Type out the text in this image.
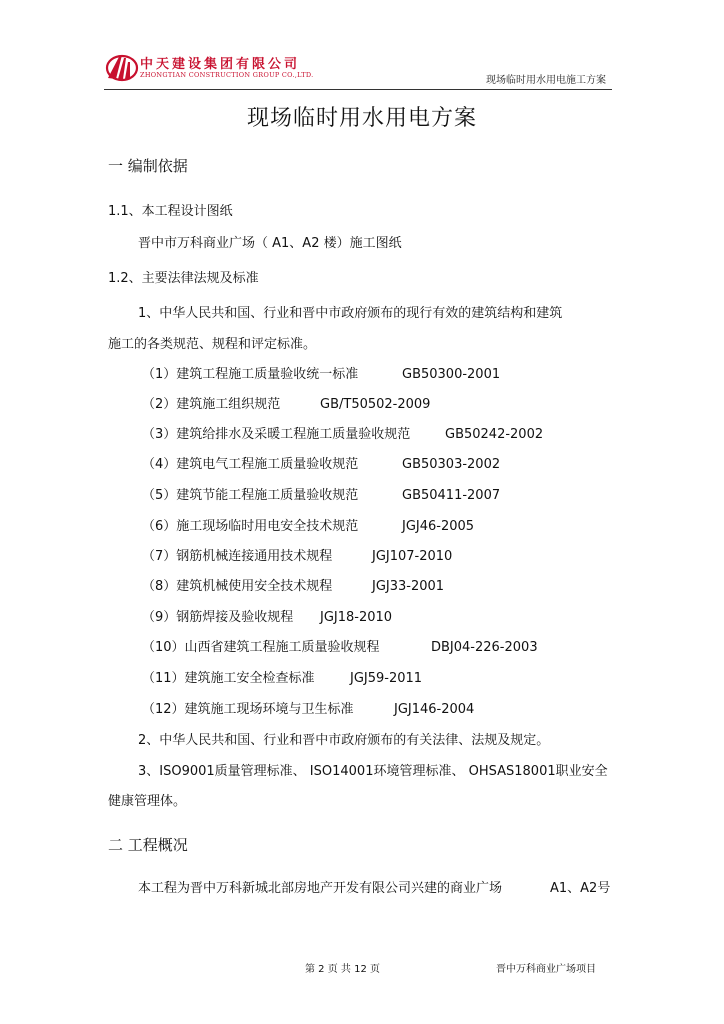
中天建设集团有限公司
ZHONGTIAN CONSTRUCTION GROUP CO.,LTD.	现场临时用水用电施工方案
现场临时用水用电方案
一 编制依据
1.1、本工程设计图纸
晋中市万科商业广场（ A1、A2 楼）施工图纸
1.2、主要法律法规及标准
1、中华人民共和国、行业和晋中市政府颁布的现行有效的建筑结构和建筑
施工的各类规范、规程和评定标准。
（1）建筑工程施工质量验收统一标准	GB50300-2001
（2）建筑施工组织规范	GB/T50502-2009
（3）建筑给排水及采暖工程施工质量验收规范	GB50242-2002
（4）建筑电气工程施工质量验收规范	GB50303-2002
（5）建筑节能工程施工质量验收规范	GB50411-2007
（6）施工现场临时用电安全技术规范	JGJ46-2005
（7）钢筋机械连接通用技术规程	JGJ107-2010
（8）建筑机械使用安全技术规程	JGJ33-2001
（9）钢筋焊接及验收规程 JGJ18-2010
（10）山西省建筑工程施工质量验收规程	DBJ04-226-2003
（11）建筑施工安全检查标准	JGJ59-2011
（12）建筑施工现场环境与卫生标准	JGJ146-2004
2、中华人民共和国、行业和晋中市政府颁布的有关法律、法规及规定。
3、ISO9001质量管理标准、 ISO14001环境管理标准、 OHSAS18001职业安全
健康管理体。
二 工程概况
本工程为晋中万科新城北部房地产开发有限公司兴建的商业广场	A1、A2号
第 2 页 共 12 页	晋中万科商业广场项目
